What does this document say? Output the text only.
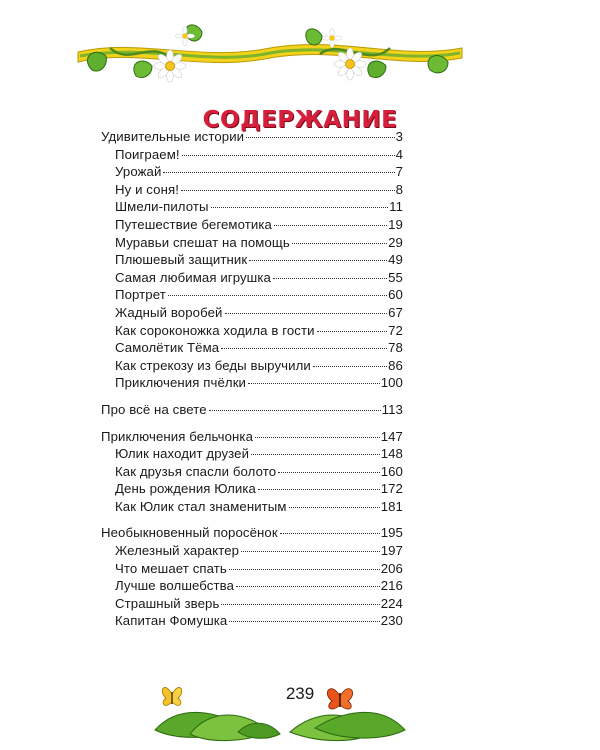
СОДЕРЖАНИЕ
Удивительные истории	3
Поиграем!	4
Урожай	7
Ну и соня!	8
Шмели-пилоты	11
Путешествие бегемотика	19
Муравьи спешат на помощь	29
Плюшевый защитник	49
Самая любимая игрушка	55
Портрет	60
Жадный воробей	67
Как сороконожка ходила в гости	72
Самолётик Тёма	78
Как стрекозу из беды выручили	86
Приключения пчёлки	100
Про всё на свете	113
Приключения бельчонка	147
Юлик находит друзей	148
Как друзья спасли болото	160
День рождения Юлика	172
Как Юлик стал знаменитым	181
Необыкновенный поросёнок	195
Железный характер	197
Что мешает спать	206
Лучше волшебства	216
Страшный зверь	224
Капитан Фомушка	230
239
